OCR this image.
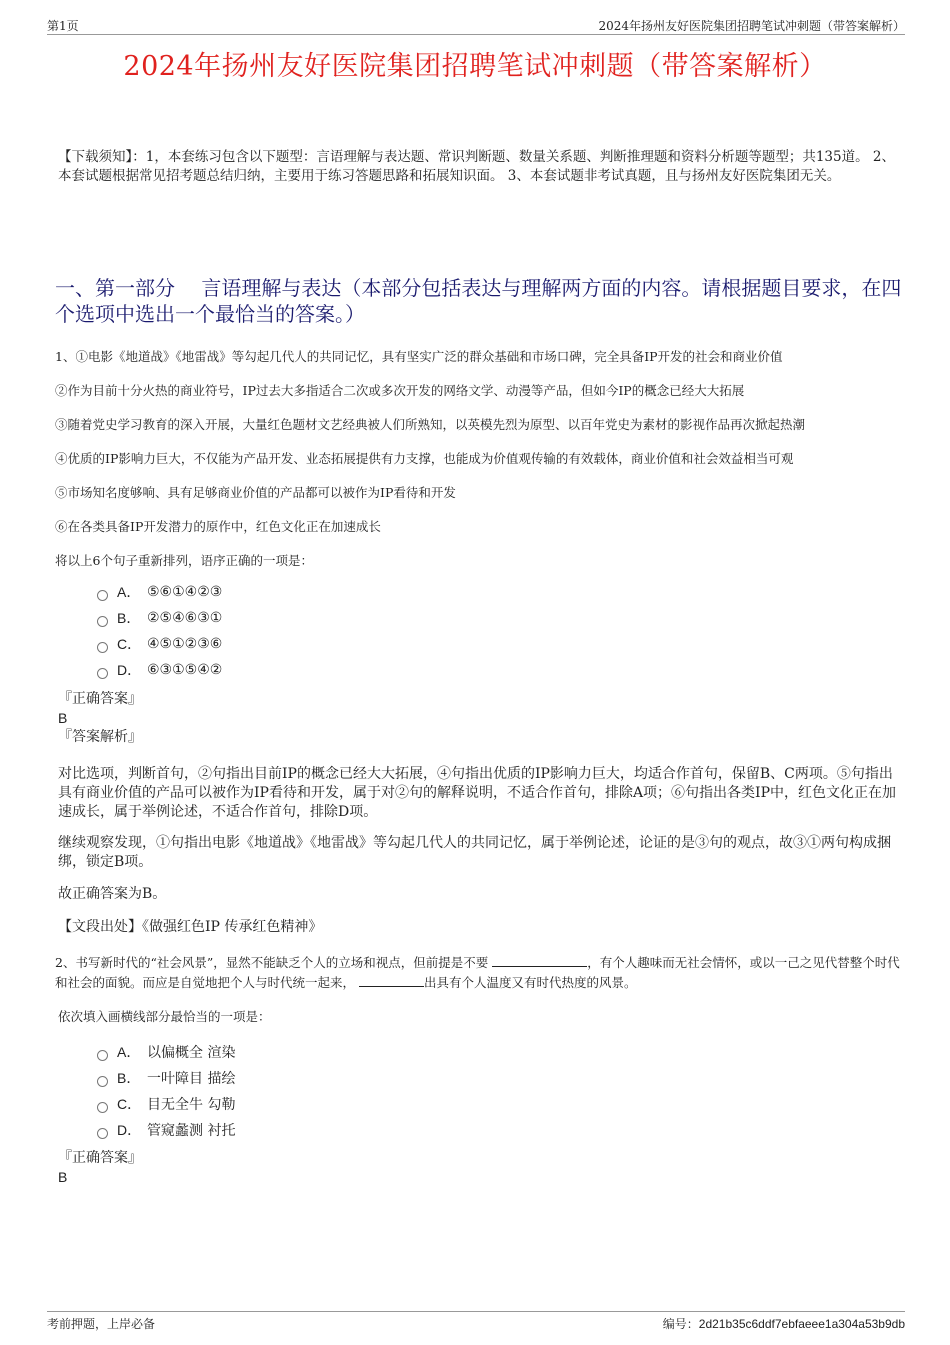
第1页	2024年扬州友好医院集团招聘笔试冲刺题（带答案解析）
2024年扬州友好医院集团招聘笔试冲刺题（带答案解析）
【下载须知】：1，本套练习包含以下题型：言语理解与表达题、常识判断题、数量关系题、判断推理题和资料分析题等题型；共135道。 2、本套试题根据常见招考题总结归纳，主要用于练习答题思路和拓展知识面。 3、本套试题非考试真题，且与扬州友好医院集团无关。
一、第一部分　 言语理解与表达（本部分包括表达与理解两方面的内容。请根据题目要求，在四个选项中选出一个最恰当的答案。）
1、①电影《地道战》《地雷战》等勾起几代人的共同记忆，具有坚实广泛的群众基础和市场口碑，完全具备IP开发的社会和商业价值
②作为目前十分火热的商业符号，IP过去大多指适合二次或多次开发的网络文学、动漫等产品，但如今IP的概念已经大大拓展
③随着党史学习教育的深入开展，大量红色题材文艺经典被人们所熟知，以英模先烈为原型、以百年党史为素材的影视作品再次掀起热潮
④优质的IP影响力巨大，不仅能为产品开发、业态拓展提供有力支撑，也能成为价值观传输的有效载体，商业价值和社会效益相当可观
⑤市场知名度够响、具有足够商业价值的产品都可以被作为IP看待和开发
⑥在各类具备IP开发潜力的原作中，红色文化正在加速成长
将以上6个句子重新排列，语序正确的一项是：
A． ⑤⑥①④②③
B． ②⑤④⑥③①
C． ④⑤①②③⑥
D． ⑥③①⑤④②
『正确答案』
B
『答案解析』
对比选项，判断首句，②句指出目前IP的概念已经大大拓展，④句指出优质的IP影响力巨大，均适合作首句，保留B、C两项。⑤句指出具有商业价值的产品可以被作为IP看待和开发，属于对②句的解释说明，不适合作首句，排除A项；⑥句指出各类IP中，红色文化正在加速成长，属于举例论述，不适合作首句，排除D项。
继续观察发现，①句指出电影《地道战》《地雷战》等勾起几代人的共同记忆，属于举例论述，论证的是③句的观点，故③①两句构成捆绑，锁定B项。
故正确答案为B。
【文段出处】《做强红色IP 传承红色精神》
2、书写新时代的“社会风景”，显然不能缺乏个人的立场和视点，但前提是不要	，有个人趣味而无社会情怀，或以一己之见代替整个时代和社会的面貌。而应是自觉地把个人与时代统一起来，	出具有个人温度又有时代热度的风景。
依次填入画横线部分最恰当的一项是：
A． 以偏概全 渲染
B． 一叶障目 描绘
C． 目无全牛 勾勒
D． 管窥蠡测 衬托
『正确答案』
B
考前押题，上岸必备	编号：2d21b35c6ddf7ebfaeee1a304a53b9db
